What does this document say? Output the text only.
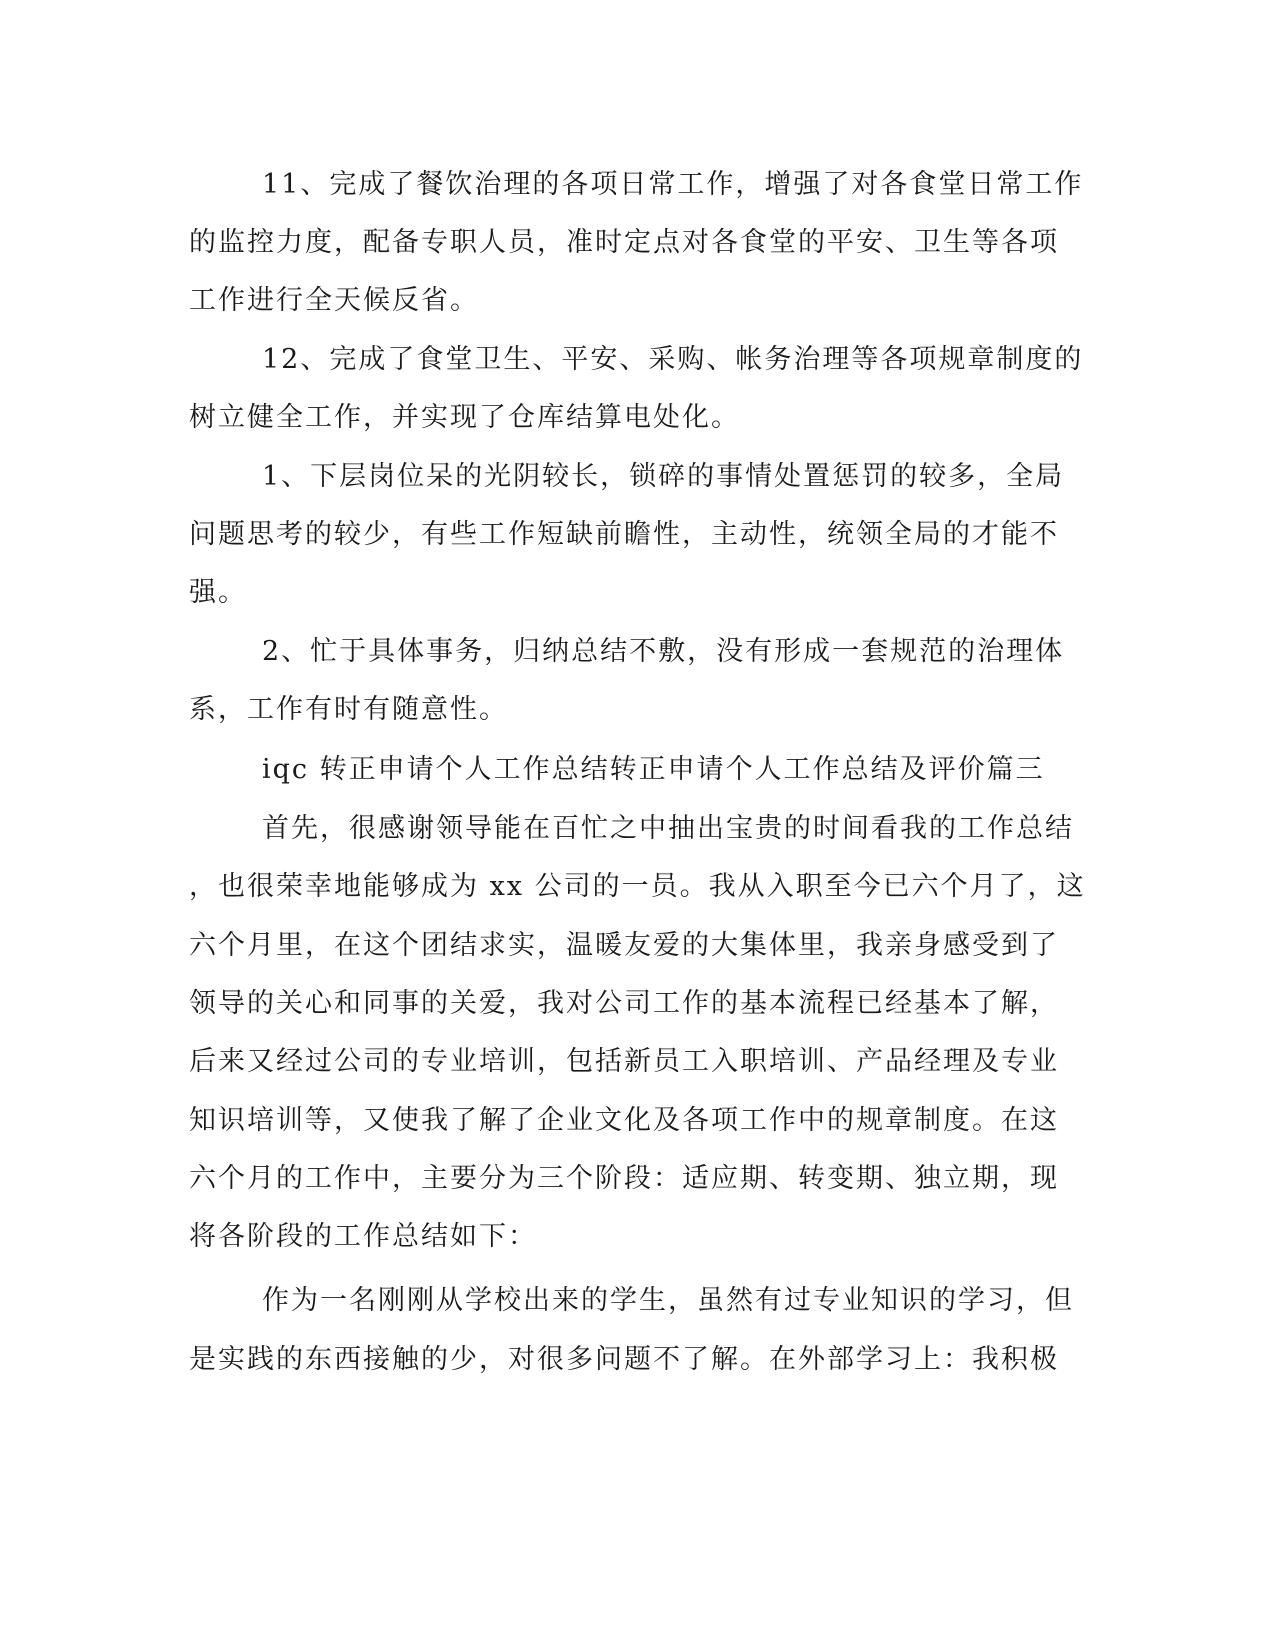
11、完成了餐饮治理的各项日常工作，增强了对各食堂日常工作
的监控力度，配备专职人员，准时定点对各食堂的平安、卫生等各项
工作进行全天候反省。
12、完成了食堂卫生、平安、采购、帐务治理等各项规章制度的
树立健全工作，并实现了仓库结算电处化。
1、下层岗位呆的光阴较长，锁碎的事情处置惩罚的较多，全局
问题思考的较少，有些工作短缺前瞻性，主动性，统领全局的才能不
强。
2、忙于具体事务，归纳总结不敷，没有形成一套规范的治理体
系，工作有时有随意性。
iqc 转正申请个人工作总结转正申请个人工作总结及评价篇三
首先，很感谢领导能在百忙之中抽出宝贵的时间看我的工作总结
，也很荣幸地能够成为 xx 公司的一员。我从入职至今已六个月了，这
六个月里，在这个团结求实，温暖友爱的大集体里，我亲身感受到了
领导的关心和同事的关爱，我对公司工作的基本流程已经基本了解，
后来又经过公司的专业培训，包括新员工入职培训、产品经理及专业
知识培训等，又使我了解了企业文化及各项工作中的规章制度。在这
六个月的工作中，主要分为三个阶段：适应期、转变期、独立期，现
将各阶段的工作总结如下：
作为一名刚刚从学校出来的学生，虽然有过专业知识的学习，但
是实践的东西接触的少，对很多问题不了解。在外部学习上：我积极
